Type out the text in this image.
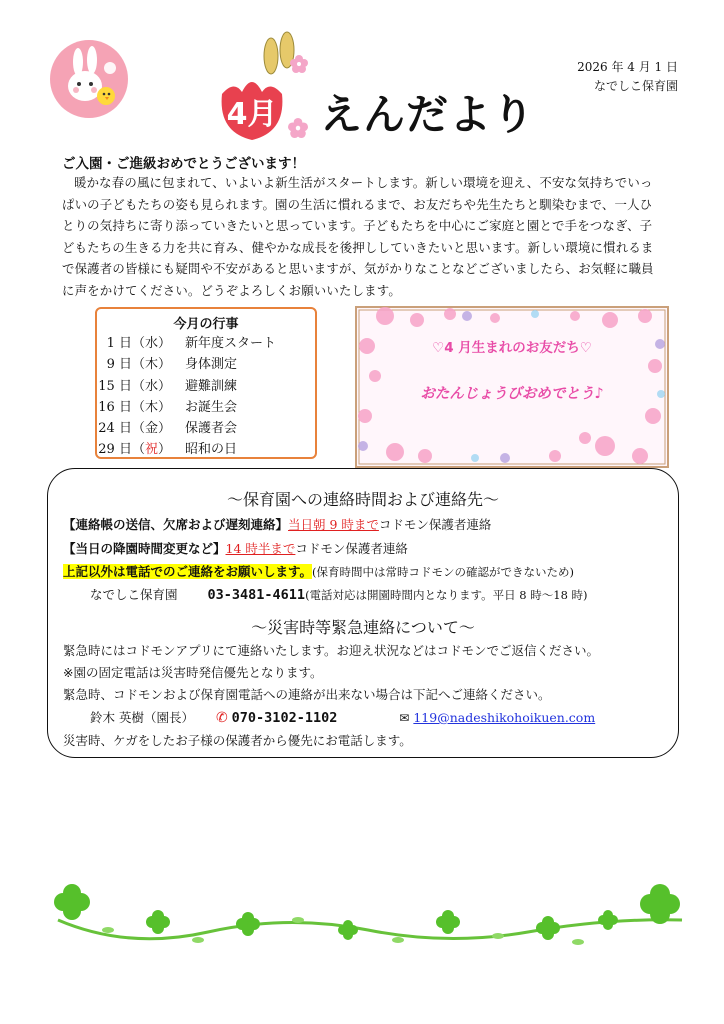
4月 えんだより
2026 年 4 月 1 日
なでしこ保育園
ご入園・ご進級おめでとうございます！
暖かな春の風に包まれて、いよいよ新生活がスタートします。新しい環境を迎え、不安な気持ちでいっぱいの子どもたちの姿も見られます。園の生活に慣れるまで、お友だちや先生たちと馴染むまで、一人ひとりの気持ちに寄り添っていきたいと思っています。子どもたちを中心にご家庭と園とで手をつなぎ、子どもたちの生きる力を共に育み、健やかな成長を後押ししていきたいと思います。新しい環境に慣れるまで保護者の皆様にも疑問や不安があると思いますが、気がかりなことなどございましたら、お気軽に職員に声をかけてください。どうぞよろしくお願いいたします。
今月の行事
1 日（水） 新年度スタート
9 日（木） 身体測定
15 日（水） 避難訓練
16 日（木） お誕生会
24 日（金） 保護者会
29 日（祝） 昭和の日
♡4 月生まれのお友だち♡
おたんじょうびおめでとう♪
～保育園への連絡時間および連絡先～
【連絡帳の送信、欠席および遅刻連絡】当日朝 9 時までコドモン保護者連絡
【当日の降園時間変更など】14 時半までコドモン保護者連絡
上記以外は電話でのご連絡をお願いします。(保育時間中は常時コドモンの確認ができないため)
なでしこ保育園 03-3481-4611(電話対応は開園時間内となります。平日 8 時～18 時)
～災害時等緊急連絡について～
緊急時にはコドモンアプリにて連絡いたします。お迎え状況などはコドモンでご返信ください。
※園の固定電話は災害時発信優先となります。
緊急時、コドモンおよび保育園電話への連絡が出来ない場合は下記へご連絡ください。
鈴木 英樹（園長） ✆ 070-3102-1102	✉ 119@nadeshikohoikuen.com
災害時、ケガをしたお子様の保護者から優先にお電話します。
